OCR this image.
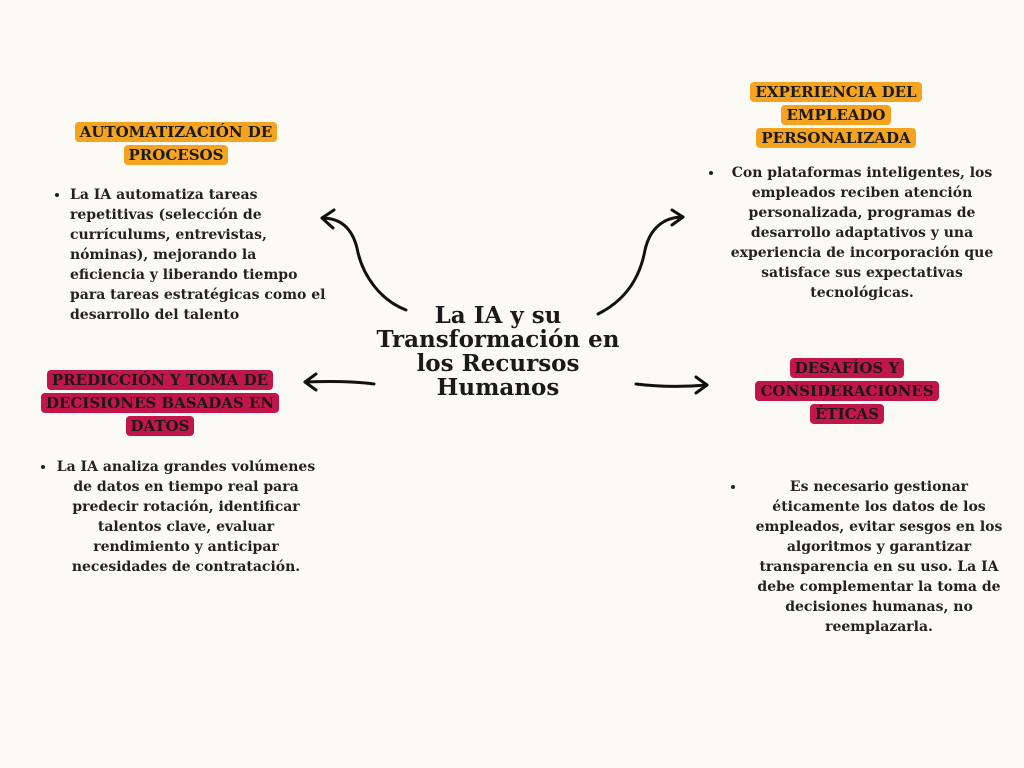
La IA y su Transformación en los Recursos Humanos
AUTOMATIZACIÓN DE PROCESOS
• La IA automatiza tareas repetitivas (selección de currículums, entrevistas, nóminas), mejorando la eficiencia y liberando tiempo para tareas estratégicas como el desarrollo del talento
EXPERIENCIA DEL EMPLEADO PERSONALIZADA
• Con plataformas inteligentes, los empleados reciben atención personalizada, programas de desarrollo adaptativos y una experiencia de incorporación que satisface sus expectativas tecnológicas.
PREDICCIÓN Y TOMA DE DECISIONES BASADAS EN DATOS
• La IA analiza grandes volúmenes de datos en tiempo real para predecir rotación, identificar talentos clave, evaluar rendimiento y anticipar necesidades de contratación.
DESAFÍOS Y CONSIDERACIONES ÉTICAS
• Es necesario gestionar éticamente los datos de los empleados, evitar sesgos en los algoritmos y garantizar transparencia en su uso. La IA debe complementar la toma de decisiones humanas, no reemplazarla.
